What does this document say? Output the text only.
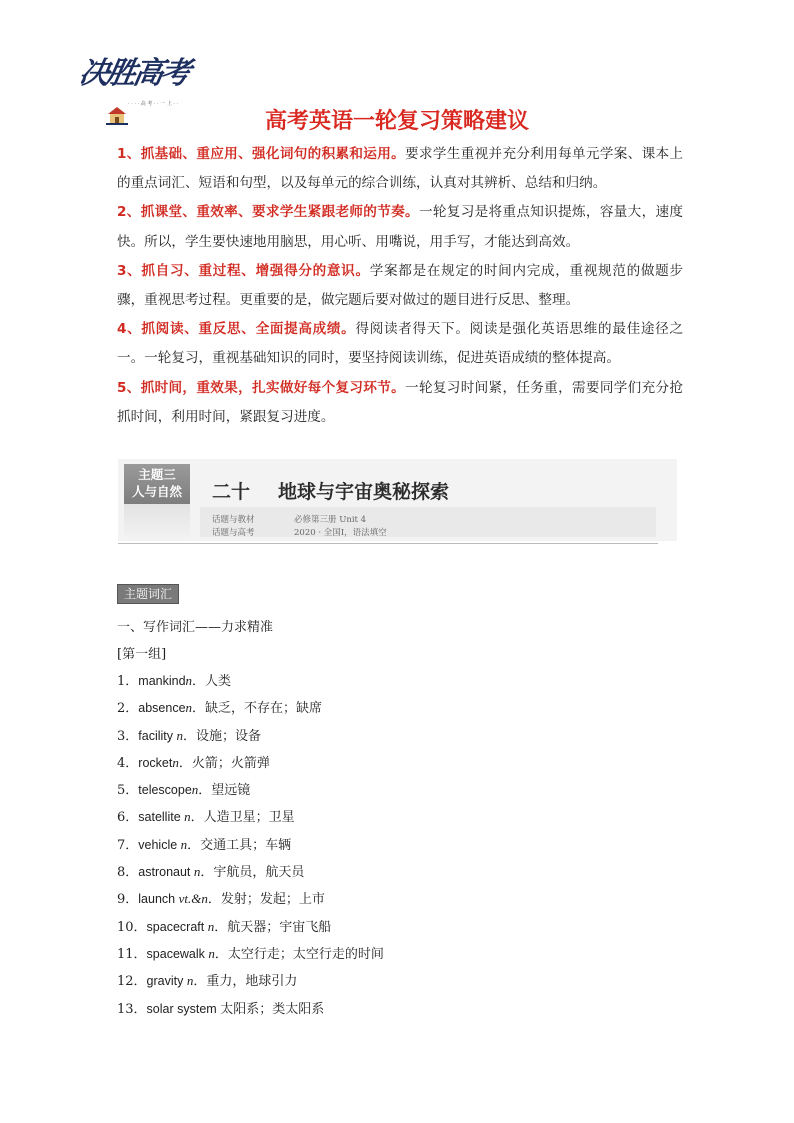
决胜高考
· · · · 高 考 · · 一 上 · ·
高考英语一轮复习策略建议

1、抓基础、重应用、强化词句的积累和运用。要求学生重视并充分利用每单元学案、课本上的重点词汇、短语和句型，以及每单元的综合训练，认真对其辨析、总结和归纳。

2、抓课堂、重效率、要求学生紧跟老师的节奏。一轮复习是将重点知识提炼，容量大，速度快。所以，学生要快速地用脑思，用心听、用嘴说，用手写，才能达到高效。

3、抓自习、重过程、增强得分的意识。学案都是在规定的时间内完成，重视规范的做题步骤，重视思考过程。更重要的是，做完题后要对做过的题目进行反思、整理。

4、抓阅读、重反思、全面提高成绩。得阅读者得天下。阅读是强化英语思维的最佳途径之一。一轮复习，重视基础知识的同时，要坚持阅读训练，促进英语成绩的整体提高。

5、抓时间，重效果，扎实做好每个复习环节。一轮复习时间紧，任务重，需要同学们充分抢抓时间，利用时间，紧跟复习进度。

主题三
人与自然	二十 地球与宇宙奥秘探索
话题与教材	必修第三册 Unit 4
话题与高考	2020 · 全国Ⅰ，语法填空
主题词汇
一、写作词汇——力求精准
[第一组]
1．mankindn．人类
2．absencen．缺乏，不存在；缺席
3．facility n．设施；设备
4．rocketn．火箭；火箭弹
5．telescopen．望远镜
6．satellite n．人造卫星；卫星
7．vehicle n．交通工具；车辆
8．astronaut n．宇航员，航天员
9．launch vt.&n．发射；发起；上市
10．spacecraft n．航天器；宇宙飞船
11．spacewalk n．太空行走；太空行走的时间
12．gravity n．重力，地球引力
13．solar system 太阳系；类太阳系
